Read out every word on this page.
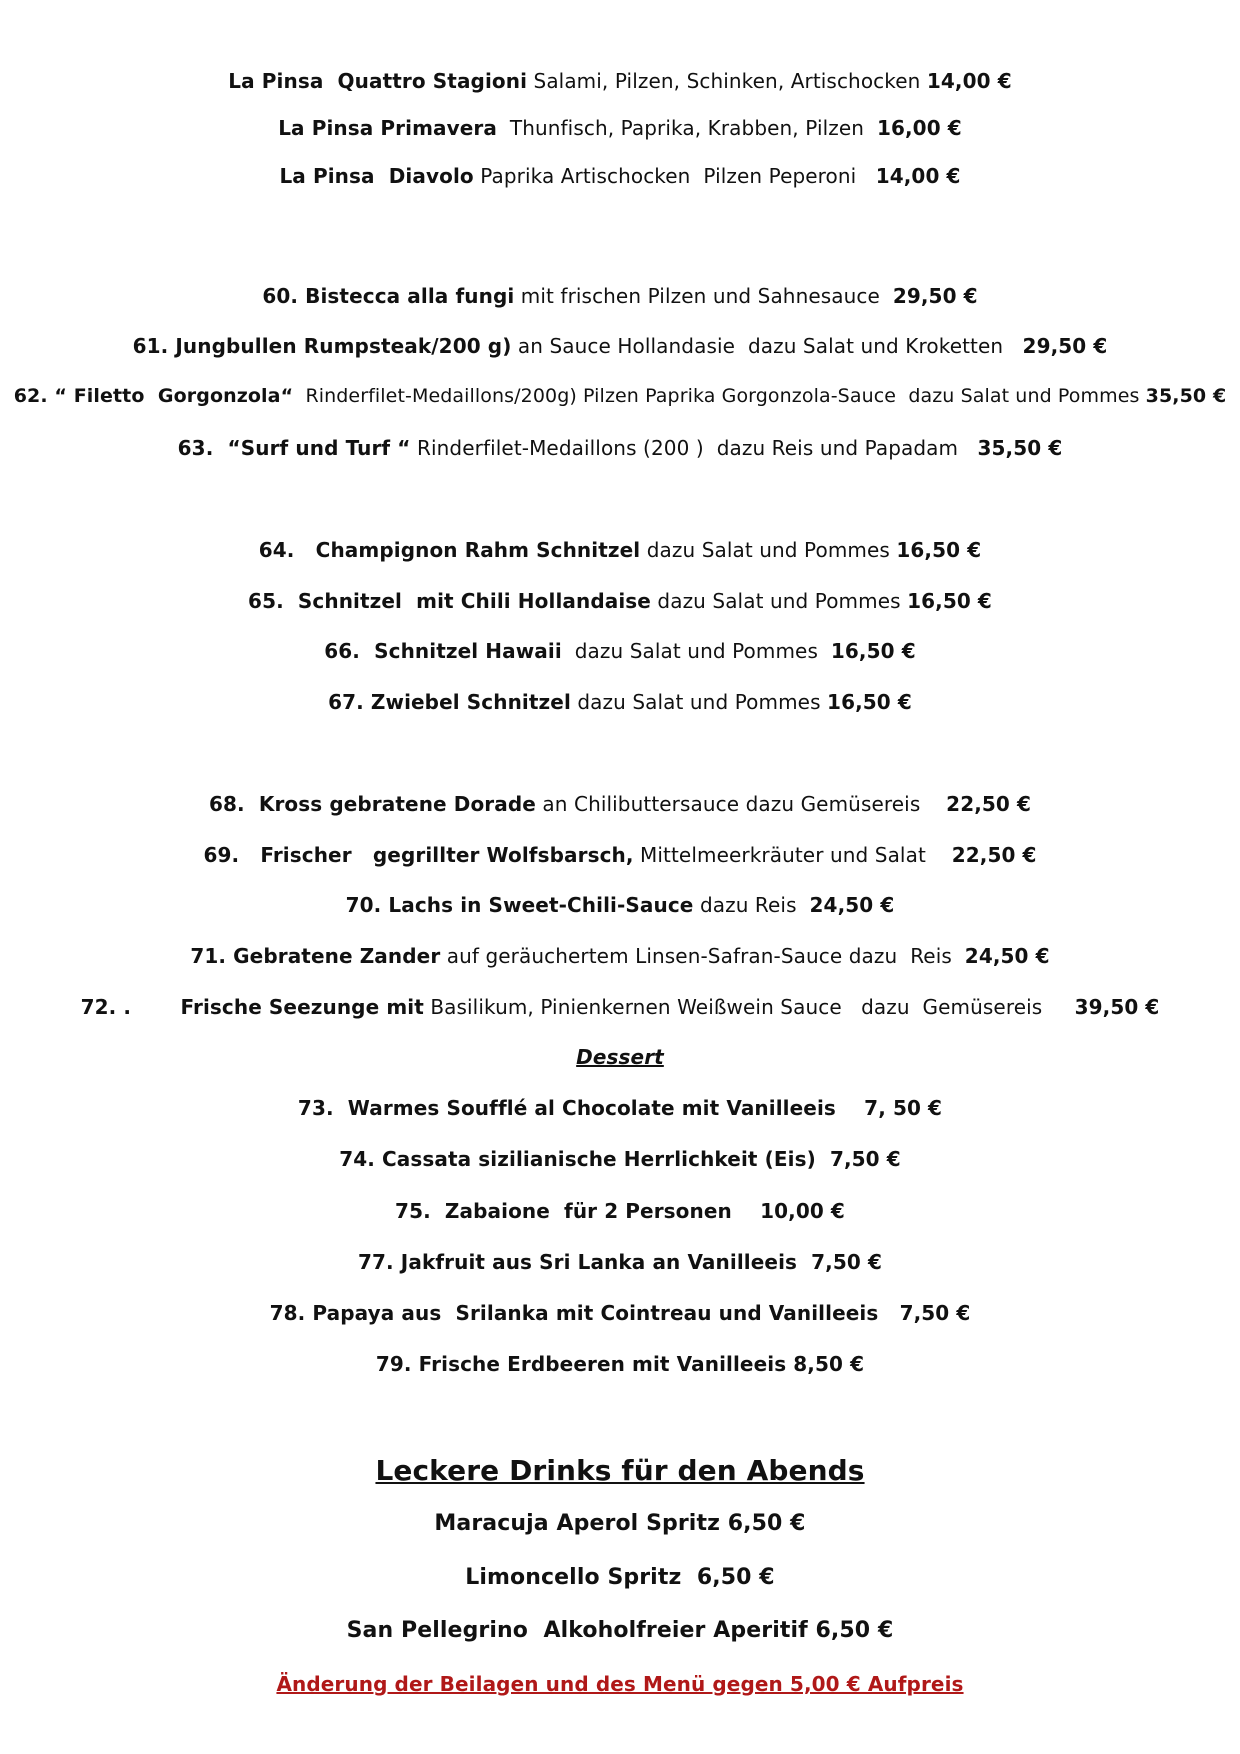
La Pinsa  Quattro Stagioni Salami, Pilzen, Schinken, Artischocken 14,00 €
La Pinsa Primavera  Thunfisch, Paprika, Krabben, Pilzen  16,00 €
La Pinsa  Diavolo Paprika Artischocken  Pilzen Peperoni   14,00 €
60. Bistecca alla fungi mit frischen Pilzen und Sahnesauce  29,50 €
61. Jungbullen Rumpsteak/200 g) an Sauce Hollandasie  dazu Salat und Kroketten   29,50 €
62. “ Filetto  Gorgonzola“  Rinderfilet-Medaillons/200g) Pilzen Paprika Gorgonzola-Sauce  dazu Salat und Pommes 35,50 €
63.  “Surf und Turf “ Rinderfilet-Medaillons (200 )  dazu Reis und Papadam   35,50 €
64.   Champignon Rahm Schnitzel dazu Salat und Pommes 16,50 €
65.  Schnitzel  mit Chili Hollandaise dazu Salat und Pommes 16,50 €
66.  Schnitzel Hawaii  dazu Salat und Pommes  16,50 €
67. Zwiebel Schnitzel dazu Salat und Pommes 16,50 €
68.  Kross gebratene Dorade an Chilibuttersauce dazu Gemüsereis    22,50 €
69.   Frischer   gegrillter Wolfsbarsch, Mittelmeerkräuter und Salat    22,50 €
70. Lachs in Sweet-Chili-Sauce dazu Reis  24,50 €
71. Gebratene Zander auf geräuchertem Linsen-Safran-Sauce dazu  Reis  24,50 €
72. .       Frische Seezunge mit Basilikum, Pinienkernen Weißwein Sauce   dazu  Gemüsereis     39,50 €
Dessert
73.  Warmes Soufflé al Chocolate mit Vanilleeis    7, 50 €
74. Cassata sizilianische Herrlichkeit (Eis)  7,50 €
75.  Zabaione  für 2 Personen    10,00 €
77. Jakfruit aus Sri Lanka an Vanilleeis  7,50 €
78. Papaya aus  Srilanka mit Cointreau und Vanilleeis   7,50 €
79. Frische Erdbeeren mit Vanilleeis 8,50 €
Leckere Drinks für den Abends
Maracuja Aperol Spritz 6,50 €
Limoncello Spritz  6,50 €
San Pellegrino  Alkoholfreier Aperitif 6,50 €
Änderung der Beilagen und des Menü gegen 5,00 € Aufpreis
